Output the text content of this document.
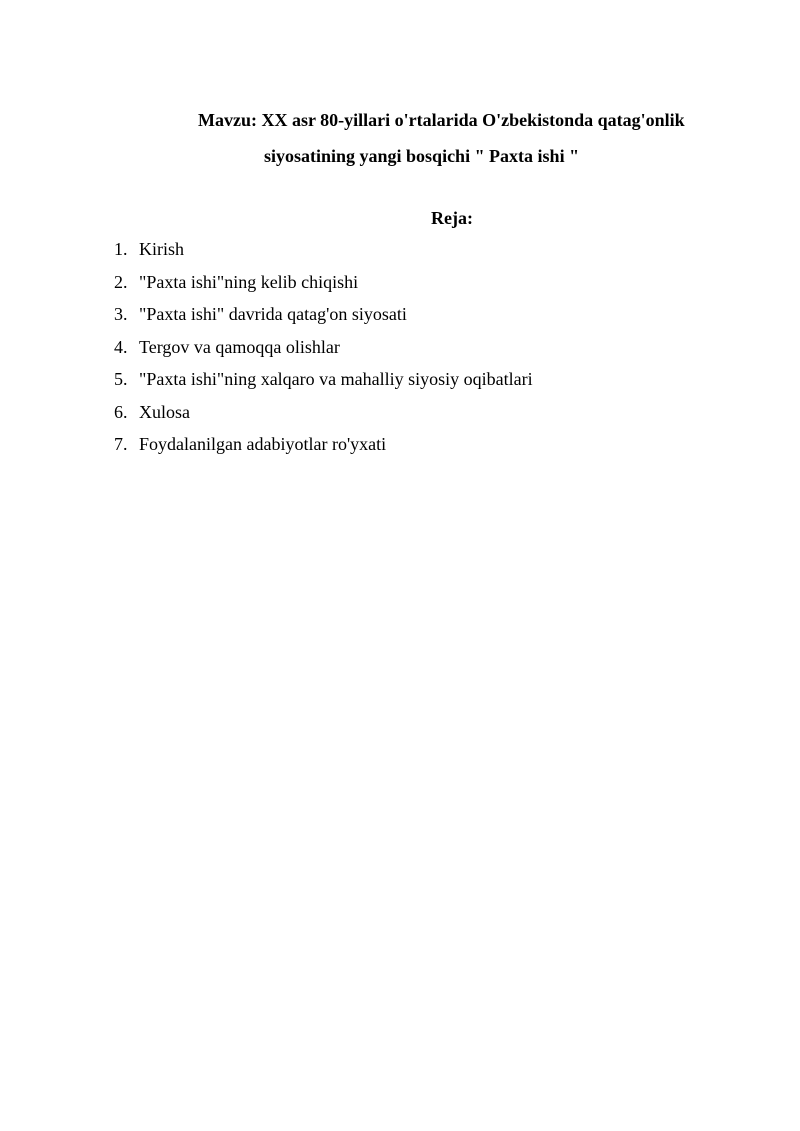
Mavzu: XX asr 80-yillari o'rtalarida O'zbekistonda qatag'onlik
siyosatining yangi bosqichi " Paxta ishi "
Reja:
1. Kirish
2. "Paxta ishi"ning kelib chiqishi
3. "Paxta ishi" davrida qatag'on siyosati
4. Tergov va qamoqqa olishlar
5. "Paxta ishi"ning xalqaro va mahalliy siyosiy oqibatlari
6. Xulosa
7. Foydalanilgan adabiyotlar ro'yxati
